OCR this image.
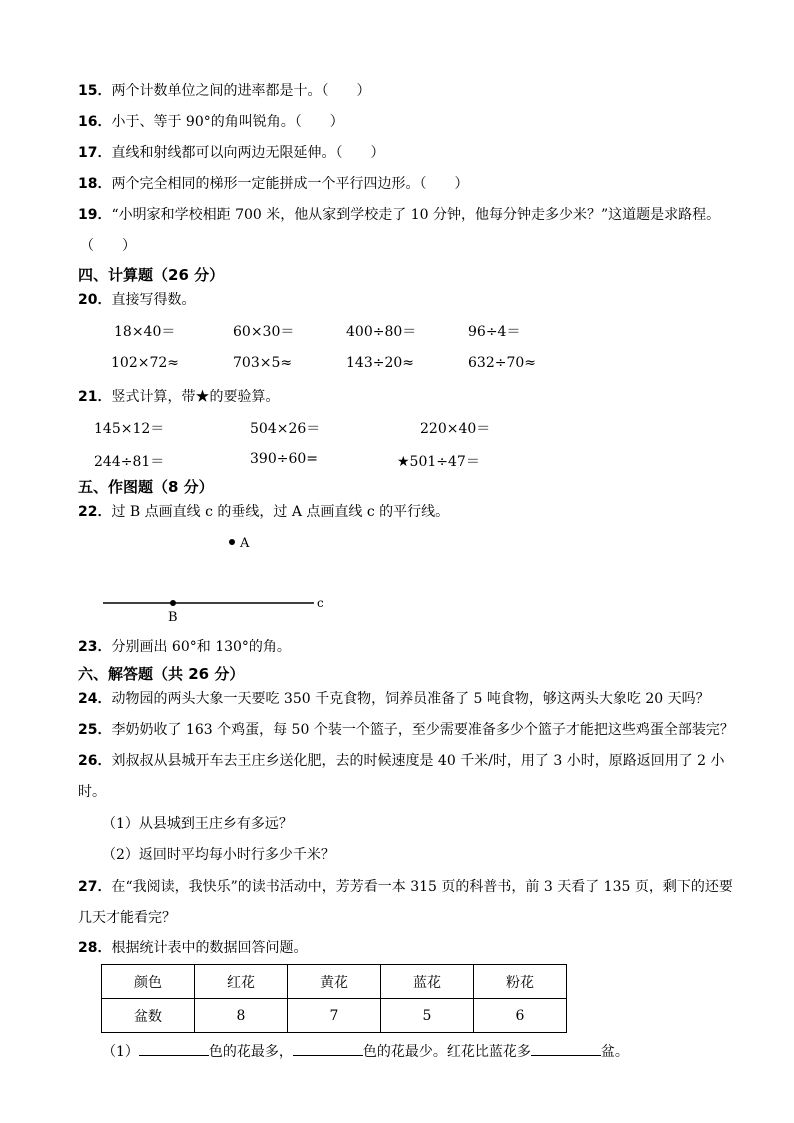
15．两个计数单位之间的进率都是十。（　　）
16．小于、等于 90°的角叫锐角。（　　）
17．直线和射线都可以向两边无限延伸。（　　）
18．两个完全相同的梯形一定能拼成一个平行四边形。（　　）
19．“小明家和学校相距 700 米，他从家到学校走了 10 分钟，他每分钟走多少米？”这道题是求路程。
（　　）
四、计算题（26 分）
20．直接写得数。
18×40＝	60×30＝	400÷80＝	96÷4＝
102×72≈	703×5≈	143÷20≈	632÷70≈
21．竖式计算，带★的要验算。
145×12＝	504×26＝	220×40＝
244÷81＝	390÷60=	★501÷47＝
五、作图题（8 分）
22．过 B 点画直线 c 的垂线，过 A 点画直线 c 的平行线。
A
B
c
23．分别画出 60°和 130°的角。
六、解答题（共 26 分）
24．动物园的两头大象一天要吃 350 千克食物，饲养员准备了 5 吨食物，够这两头大象吃 20 天吗？
25．李奶奶收了 163 个鸡蛋，每 50 个装一个篮子，至少需要准备多少个篮子才能把这些鸡蛋全部装完？
26．刘叔叔从县城开车去王庄乡送化肥，去的时候速度是 40 千米/时，用了 3 小时，原路返回用了 2 小
时。
（1）从县城到王庄乡有多远？
（2）返回时平均每小时行多少千米？
27．在“我阅读，我快乐”的读书活动中，芳芳看一本 315 页的科普书，前 3 天看了 135 页，剩下的还要
几天才能看完？
28．根据统计表中的数据回答问题。
颜色	红花	黄花	蓝花	粉花
盆数	8	7	5	6
（1）	色的花最多，	色的花最少。红花比蓝花多	盆。
